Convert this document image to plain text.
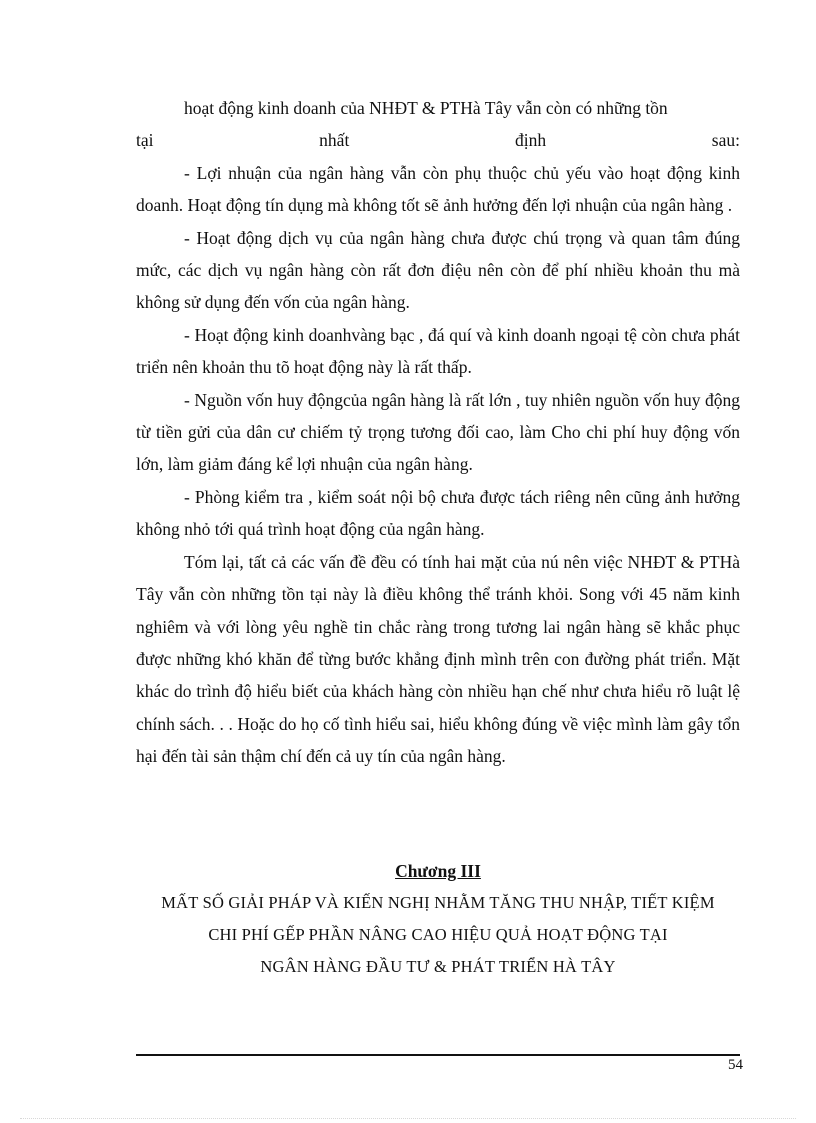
hoạt động kinh doanh của NHĐT & PTHà Tây vẫn còn có những tồn

tại	nhất	định	sau:

- Lợi nhuận của ngân hàng vẫn còn phụ thuộc chủ yếu vào hoạt động kinh doanh. Hoạt động tín dụng mà không tốt sẽ ảnh hưởng đến lợi nhuận của ngân hàng .

- Hoạt động dịch vụ của ngân hàng chưa được chú trọng và quan tâm đúng mức, các dịch vụ ngân hàng còn rất đơn điệu nên còn để phí nhiều khoản thu mà không sử dụng đến vốn của ngân hàng.

- Hoạt động kinh doanhvàng bạc , đá quí và kinh doanh ngoại tệ còn chưa phát triển nên khoản thu tõ hoạt động này là rất thấp.

- Nguồn vốn huy độngcủa ngân hàng là rất lớn , tuy nhiên nguồn vốn huy động từ tiền gửi của dân cư chiếm tỷ trọng tương đối cao, làm Cho chi phí huy động vốn lớn, làm giảm đáng kể lợi nhuận của ngân hàng.

- Phòng kiểm tra , kiểm soát nội bộ chưa được tách riêng nên cũng ảnh hưởng không nhỏ tới quá trình hoạt động của ngân hàng.

Tóm lại, tất cả các vấn đề đều có tính hai mặt của nú nên việc NHĐT & PTHà Tây vẫn còn những tồn tại này là điều không thể tránh khỏi. Song với 45 năm kinh nghiêm và với lòng yêu nghề tin chắc ràng trong tương lai ngân hàng sẽ khắc phục được những khó khăn để từng bước khẳng định mình trên con đường phát triển. Mặt khác do trình độ hiểu biết của khách hàng còn nhiều hạn chế như chưa hiểu rõ luật lệ chính sách. . . Hoặc do họ cố tình hiểu sai, hiểu không đúng về việc mình làm gây tổn hại đến tài sản thậm chí đến cả uy tín của ngân hàng.

Chương III
MẤT SỐ GIẢI PHÁP VÀ KIẾN NGHỊ NHẰM TĂNG THU NHẬP, TIẾT KIỆM
CHI PHÍ GẾP PHẦN NÂNG CAO HIỆU QUẢ HOẠT ĐỘNG TẠI
NGÂN HÀNG ĐẦU TƯ & PHÁT TRIỂN HÀ TÂY
54
